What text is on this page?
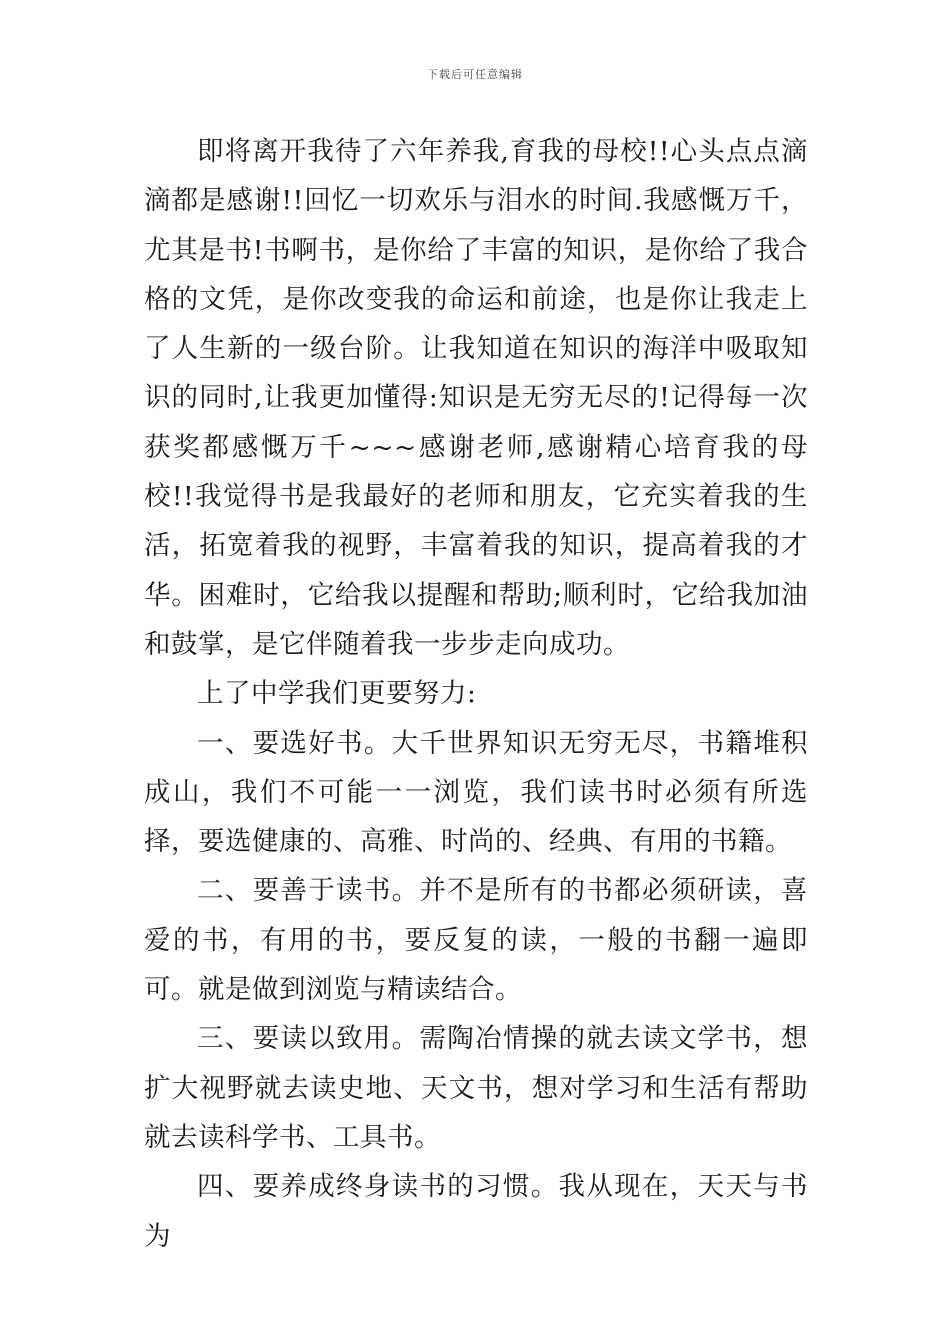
下载后可任意编辑

即将离开我待了六年养我,育我的母校!!心头点点滴滴都是感谢!!回忆一切欢乐与泪水的时间.我感慨万千，尤其是书!书啊书，是你给了丰富的知识，是你给了我合格的文凭，是你改变我的命运和前途，也是你让我走上了人生新的一级台阶。让我知道在知识的海洋中吸取知识的同时,让我更加懂得:知识是无穷无尽的!记得每一次获奖都感慨万千~~~感谢老师,感谢精心培育我的母校!!我觉得书是我最好的老师和朋友，它充实着我的生活，拓宽着我的视野，丰富着我的知识，提高着我的才华。困难时，它给我以提醒和帮助;顺利时，它给我加油和鼓掌，是它伴随着我一步步走向成功。

上了中学我们更要努力:

一、要选好书。大千世界知识无穷无尽，书籍堆积成山，我们不可能一一浏览，我们读书时必须有所选择，要选健康的、高雅、时尚的、经典、有用的书籍。

二、要善于读书。并不是所有的书都必须研读，喜爱的书，有用的书，要反复的读，一般的书翻一遍即可。就是做到浏览与精读结合。

三、要读以致用。需陶冶情操的就去读文学书，想扩大视野就去读史地、天文书，想对学习和生活有帮助就去读科学书、工具书。

四、要养成终身读书的习惯。我从现在，天天与书为
